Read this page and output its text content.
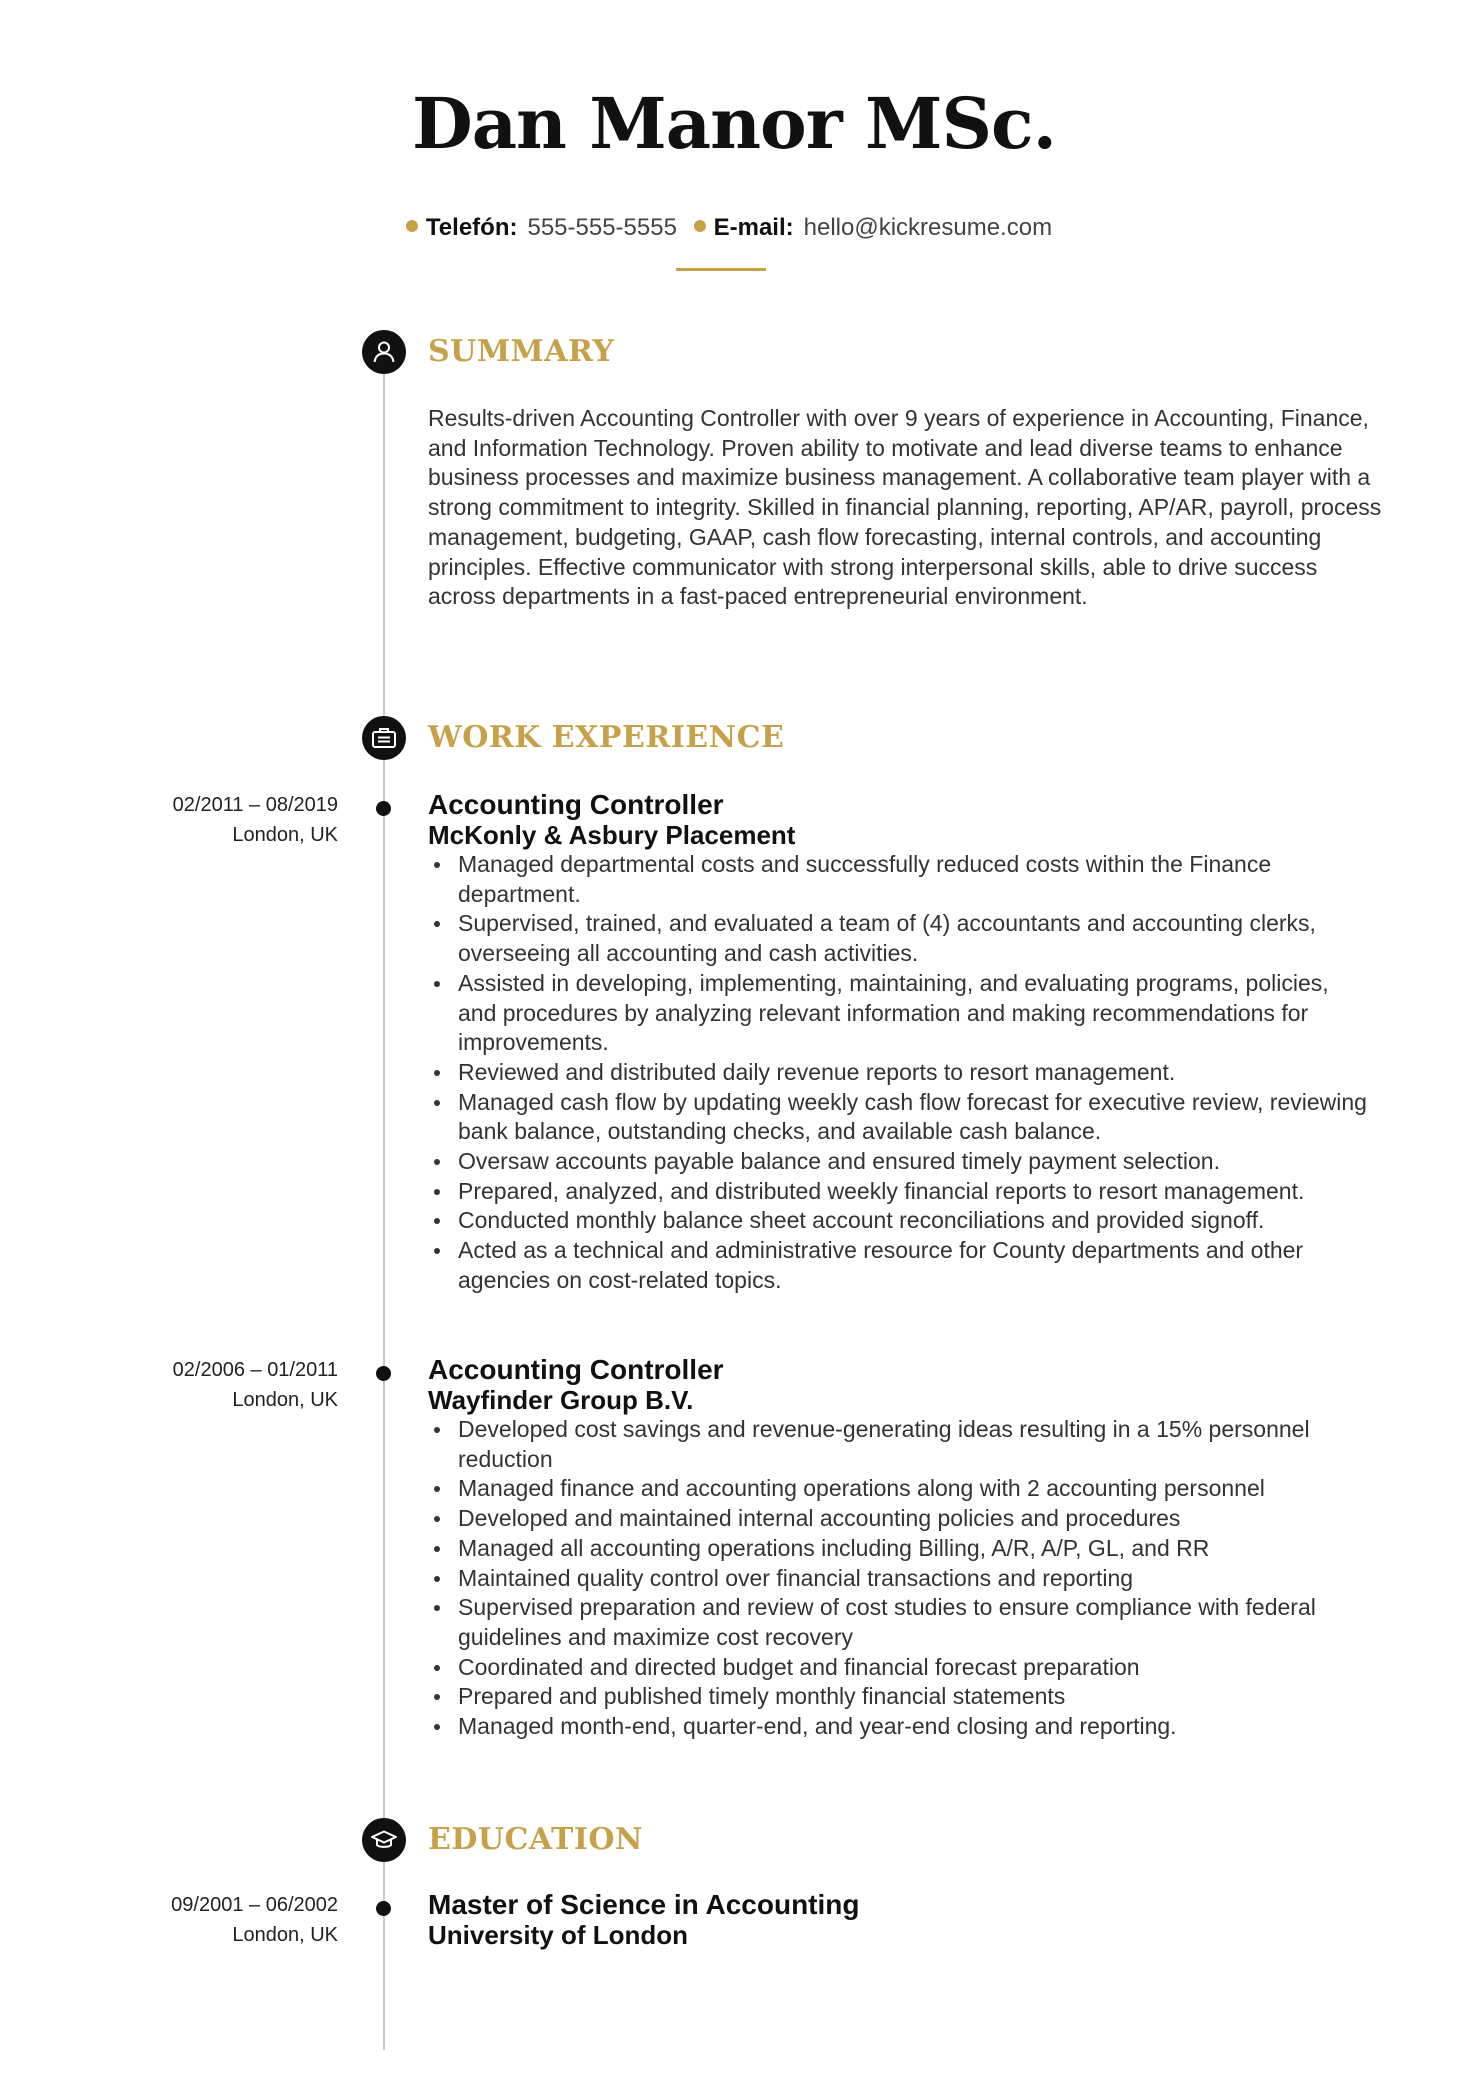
Dan Manor MSc.
Telefón: 555-555-5555 E-mail: hello@kickresume.com
SUMMARY

Results-driven Accounting Controller with over 9 years of experience in Accounting, Finance, and Information Technology. Proven ability to motivate and lead diverse teams to enhance business processes and maximize business management. A collaborative team player with a strong commitment to integrity. Skilled in financial planning, reporting, AP/AR, payroll, process management, budgeting, GAAP, cash flow forecasting, internal controls, and accounting principles. Effective communicator with strong interpersonal skills, able to drive success across departments in a fast-paced entrepreneurial environment.

WORK EXPERIENCE
02/2011 – 08/2019
London, UK
Accounting Controller
McKonly & Asbury Placement
Managed departmental costs and successfully reduced costs within the Finance department.
Supervised, trained, and evaluated a team of (4) accountants and accounting clerks, overseeing all accounting and cash activities.
Assisted in developing, implementing, maintaining, and evaluating programs, policies, and procedures by analyzing relevant information and making recommendations for improvements.
Reviewed and distributed daily revenue reports to resort management.
Managed cash flow by updating weekly cash flow forecast for executive review, reviewing bank balance, outstanding checks, and available cash balance.
Oversaw accounts payable balance and ensured timely payment selection.
Prepared, analyzed, and distributed weekly financial reports to resort management.
Conducted monthly balance sheet account reconciliations and provided signoff.
Acted as a technical and administrative resource for County departments and other agencies on cost-related topics.
02/2006 – 01/2011
London, UK
Accounting Controller
Wayfinder Group B.V.
Developed cost savings and revenue-generating ideas resulting in a 15% personnel reduction
Managed finance and accounting operations along with 2 accounting personnel
Developed and maintained internal accounting policies and procedures
Managed all accounting operations including Billing, A/R, A/P, GL, and RR
Maintained quality control over financial transactions and reporting
Supervised preparation and review of cost studies to ensure compliance with federal guidelines and maximize cost recovery
Coordinated and directed budget and financial forecast preparation
Prepared and published timely monthly financial statements
Managed month-end, quarter-end, and year-end closing and reporting.
EDUCATION
09/2001 – 06/2002
London, UK
Master of Science in Accounting
University of London
